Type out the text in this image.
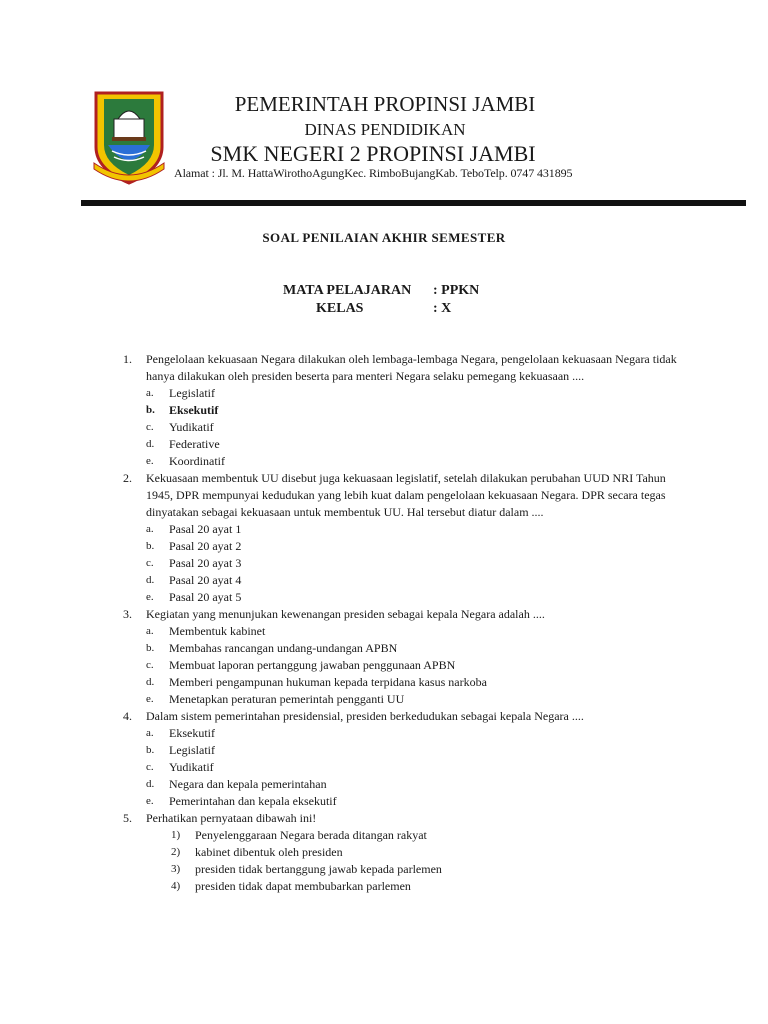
PEMERINTAH PROPINSI JAMBI
DINAS PENDIDIKAN
SMK NEGERI 2 PROPINSI JAMBI
Alamat : Jl. M. HattaWirothoAgungKec. RimboBujangKab. TeboTelp. 0747 431895
SOAL PENILAIAN AKHIR SEMESTER
MATA PELAJARAN : PPKN
KELAS	: X
1. Pengelolaan kekuasaan Negara dilakukan oleh lembaga-lembaga Negara, pengelolaan kekuasaan Negara tidak hanya dilakukan oleh presiden beserta para menteri Negara selaku pemegang kekuasaan ....
a. Legislatif
b. Eksekutif
c. Yudikatif
d. Federative
e. Koordinatif
2. Kekuasaan membentuk UU disebut juga kekuasaan legislatif, setelah dilakukan perubahan UUD NRI Tahun 1945, DPR mempunyai kedudukan yang lebih kuat dalam pengelolaan kekuasaan Negara. DPR secara tegas dinyatakan sebagai kekuasaan untuk membentuk UU. Hal tersebut diatur dalam ....
a. Pasal 20 ayat 1
b. Pasal 20 ayat 2
c. Pasal 20 ayat 3
d. Pasal 20 ayat 4
e. Pasal 20 ayat 5
3. Kegiatan yang menunjukan kewenangan presiden sebagai kepala Negara adalah ....
a. Membentuk kabinet
b. Membahas rancangan undang-undangan APBN
c. Membuat laporan pertanggung jawaban penggunaan APBN
d. Memberi pengampunan hukuman kepada terpidana kasus narkoba
e. Menetapkan peraturan pemerintah pengganti UU
4. Dalam sistem pemerintahan presidensial, presiden berkedudukan sebagai kepala Negara ....
a. Eksekutif
b. Legislatif
c. Yudikatif
d. Negara dan kepala pemerintahan
e. Pemerintahan dan kepala eksekutif
5. Perhatikan pernyataan dibawah ini!
1) Penyelenggaraan Negara berada ditangan rakyat
2) kabinet dibentuk oleh presiden
3) presiden tidak bertanggung jawab kepada parlemen
4) presiden tidak dapat membubarkan parlemen
